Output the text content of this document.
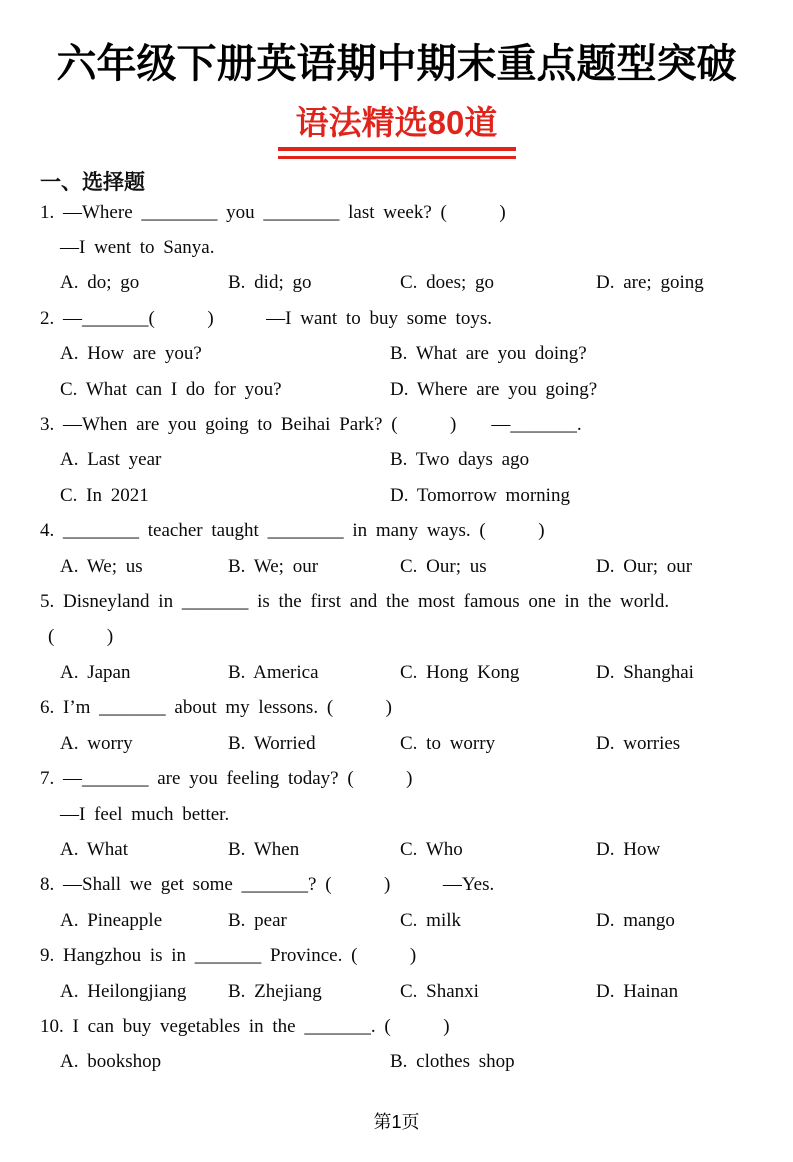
六年级下册英语期中期末重点题型突破
语法精选80道
一、选择题
1. —Where ________ you ________ last week? (      )
—I went to Sanya.
A. do; go	B. did; go	C. does; go	D. are; going
2. —_______(      )      —I want to buy some toys.
A. How are you?	B. What are you doing?
C. What can I do for you?	D. Where are you going?
3. —When are you going to Beihai Park? (      )    —_______.
A. Last year	B. Two days ago
C. In 2021	D. Tomorrow morning
4. ________ teacher taught ________ in many ways. (      )
A. We; us	B. We; our	C. Our; us	D. Our; our
5. Disneyland in _______ is the first and the most famous one in the world.
(      )
A. Japan	B. America	C. Hong Kong	D. Shanghai
6. I’m _______ about my lessons. (      )
A. worry	B. Worried	C. to worry	D. worries
7. —_______ are you feeling today? (      )
—I feel much better.
A. What	B. When	C. Who	D. How
8. —Shall we get some _______? (      )      —Yes.
A. Pineapple	B. pear	C. milk	D. mango
9. Hangzhou is in _______ Province. (      )
A. Heilongjiang	B. Zhejiang	C. Shanxi	D. Hainan
10. I can buy vegetables in the _______. (      )
A. bookshop	B. clothes shop
第1页
